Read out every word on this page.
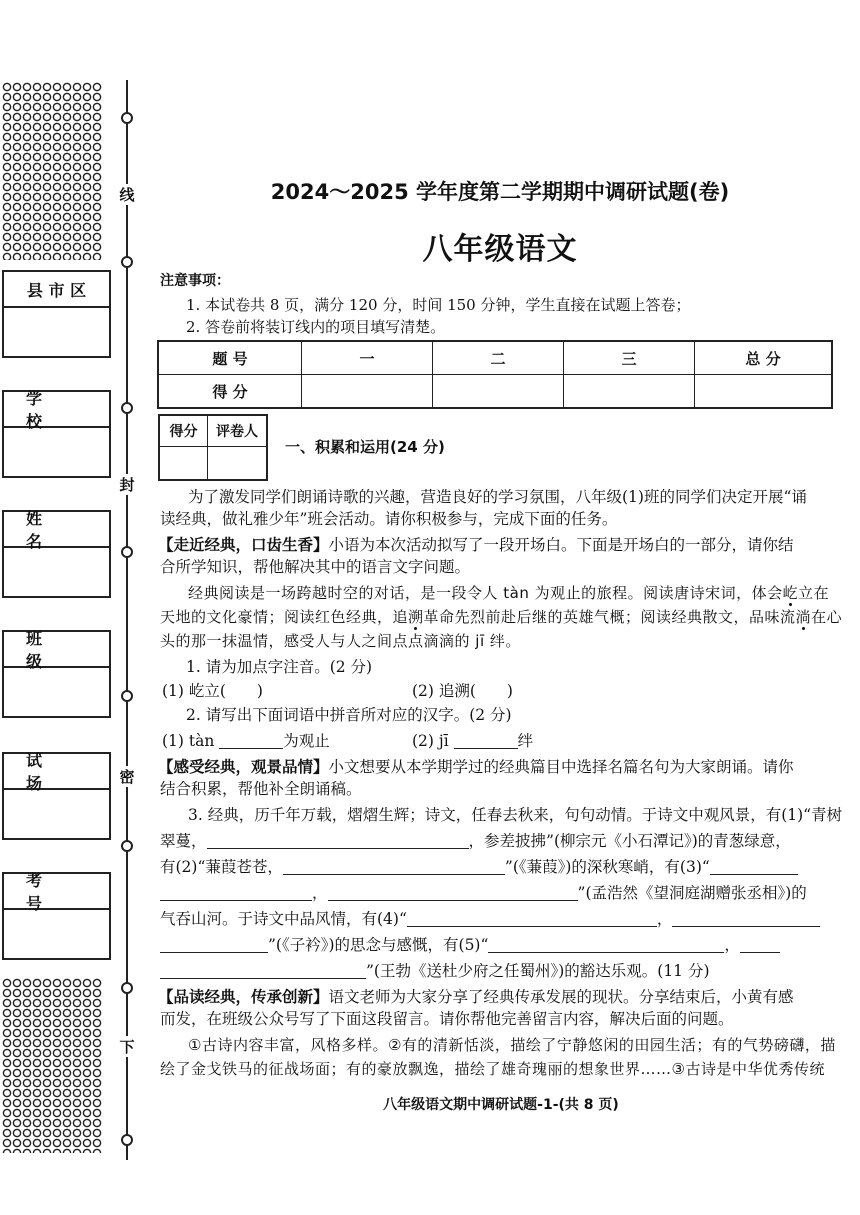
线
封
密
下
县 市 区
学 校
姓 名
班 级
试 场
考 号
2024～2025 学年度第二学期期中调研试题(卷)
八年级语文
注意事项：
1. 本试卷共 8 页，满分 120 分，时间 150 分钟，学生直接在试题上答卷；
2. 答卷前将装订线内的项目填写清楚。
题 号	一	二	三	总 分
得 分				
得分	评卷人

一、积累和运用(24 分)
为了激发同学们朗诵诗歌的兴趣，营造良好的学习氛围，八年级(1)班的同学们决定开展“诵
读经典，做礼雅少年”班会活动。请你积极参与，完成下面的任务。
【走近经典，口齿生香】小语为本次活动拟写了一段开场白。下面是开场白的一部分，请你结
合所学知识，帮他解决其中的语言文字问题。
经典阅读是一场跨越时空的对话，是一段令人 tàn 为观止的旅程。阅读唐诗宋词，体会屹立在
天地的文化豪情；阅读红色经典，追溯革命先烈前赴后继的英雄气概；阅读经典散文，品味流淌在心
头的那一抹温情，感受人与人之间点点滴滴的 jī 绊。
1. 请为加点字注音。(2 分)
(1) 屹立(　　)	(2) 追溯(　　)
2. 请写出下面词语中拼音所对应的汉字。(2 分)
(1) tàn	为观止	(2) jī	绊
【感受经典，观景品情】小文想要从本学期学过的经典篇目中选择名篇名句为大家朗诵。请你
结合积累，帮他补全朗诵稿。
3. 经典，历千年万载，熠熠生辉；诗文，任春去秋来，句句动情。于诗文中观风景，有(1)“青树
翠蔓，	，参差披拂”(柳宗元《小石潭记》)的青葱绿意，
有(2)“蒹葭苍苍，	”(《蒹葭》)的深秋寒峭，有(3)“
，	”(孟浩然《望洞庭湖赠张丞相》)的
气吞山河。于诗文中品风情，有(4)“	，
”(《子衿》)的思念与感慨，有(5)“	，
”(王勃《送杜少府之任蜀州》)的豁达乐观。(11 分)
【品读经典，传承创新】语文老师为大家分享了经典传承发展的现状。分享结束后，小黄有感
而发，在班级公众号写了下面这段留言。请你帮他完善留言内容，解决后面的问题。
①古诗内容丰富，风格多样。②有的清新恬淡，描绘了宁静悠闲的田园生活；有的气势磅礴，描
绘了金戈铁马的征战场面；有的豪放飘逸，描绘了雄奇瑰丽的想象世界……③古诗是中华优秀传统
八年级语文期中调研试题-1-(共 8 页)
